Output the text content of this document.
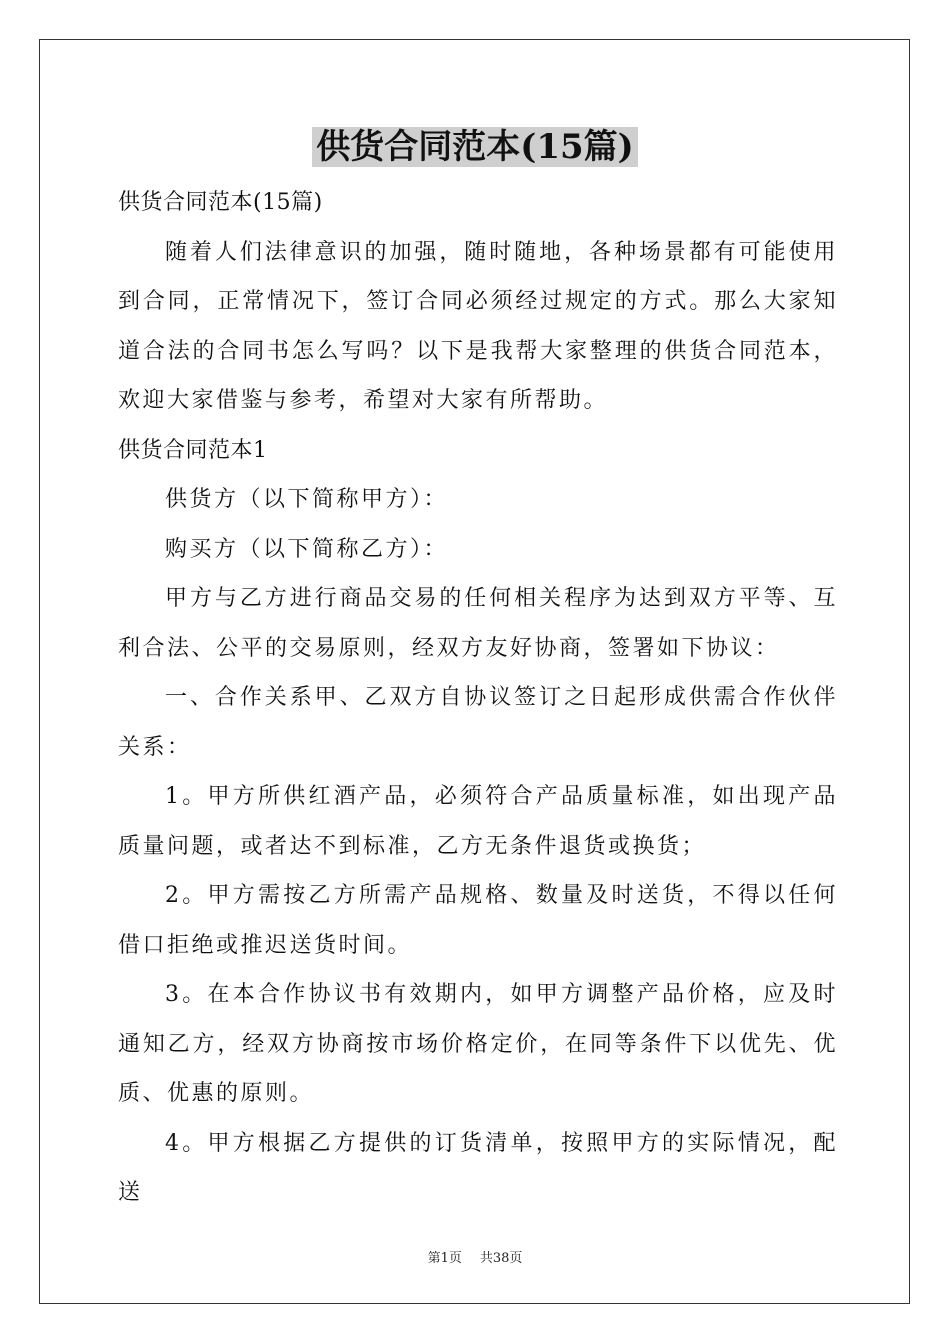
供货合同范本(15篇)

供货合同范本(15篇)

随着人们法律意识的加强，随时随地，各种场景都有可能使用到合同，正常情况下，签订合同必须经过规定的方式。那么大家知道合法的合同书怎么写吗？以下是我帮大家整理的供货合同范本，欢迎大家借鉴与参考，希望对大家有所帮助。

供货合同范本1

供货方（以下简称甲方）：

购买方（以下简称乙方）：

甲方与乙方进行商品交易的任何相关程序为达到双方平等、互利合法、公平的交易原则，经双方友好协商，签署如下协议：

一、合作关系甲、乙双方自协议签订之日起形成供需合作伙伴关系：

1。甲方所供红酒产品，必须符合产品质量标准，如出现产品质量问题，或者达不到标准，乙方无条件退货或换货；

2。甲方需按乙方所需产品规格、数量及时送货，不得以任何借口拒绝或推迟送货时间。

3。在本合作协议书有效期内，如甲方调整产品价格，应及时通知乙方，经双方协商按市场价格定价，在同等条件下以优先、优质、优惠的原则。

4。甲方根据乙方提供的订货清单，按照甲方的实际情况，配送

第1页 共38页
